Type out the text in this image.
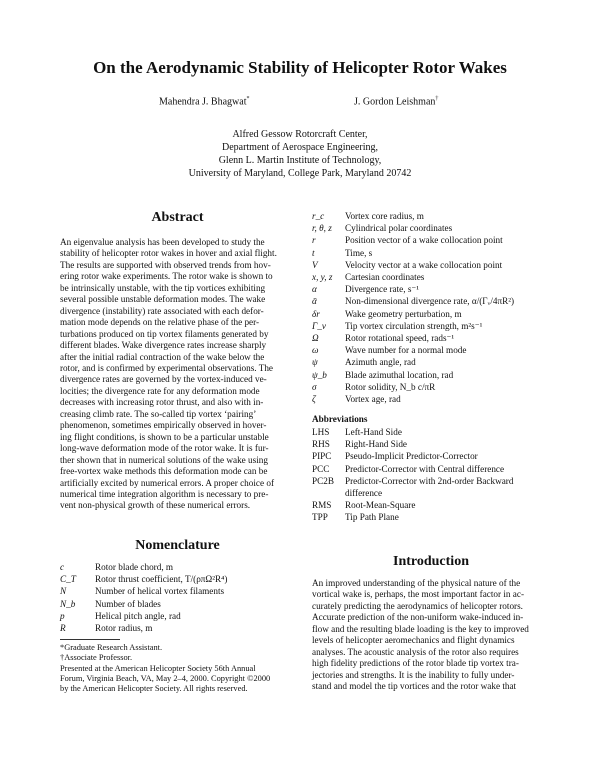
On the Aerodynamic Stability of Helicopter Rotor Wakes
Mahendra J. Bhagwat*	J. Gordon Leishman†
Alfred Gessow Rotorcraft Center,
Department of Aerospace Engineering,
Glenn L. Martin Institute of Technology,
University of Maryland, College Park, Maryland 20742
Abstract
An eigenvalue analysis has been developed to study the
stability of helicopter rotor wakes in hover and axial flight.
The results are supported with observed trends from hov-
ering rotor wake experiments. The rotor wake is shown to
be intrinsically unstable, with the tip vortices exhibiting
several possible unstable deformation modes. The wake
divergence (instability) rate associated with each defor-
mation mode depends on the relative phase of the per-
turbations produced on tip vortex filaments generated by
different blades. Wake divergence rates increase sharply
after the initial radial contraction of the wake below the
rotor, and is confirmed by experimental observations. The
divergence rates are governed by the vortex-induced ve-
locities; the divergence rate for any deformation mode
decreases with increasing rotor thrust, and also with in-
creasing climb rate. The so-called tip vortex ‘pairing’
phenomenon, sometimes empirically observed in hover-
ing flight conditions, is shown to be a particular unstable
long-wave deformation mode of the rotor wake. It is fur-
ther shown that in numerical solutions of the wake using
free-vortex wake methods this deformation mode can be
artificially excited by numerical errors. A proper choice of
numerical time integration algorithm is necessary to pre-
vent non-physical growth of these numerical errors.
Nomenclature
c	Rotor blade chord, m
C_T Rotor thrust coefficient, T/(ρπΩ²R⁴)
N	Number of helical vortex filaments
N_b Number of blades
p	Helical pitch angle, rad
R	Rotor radius, m
*Graduate Research Assistant.
†Associate Professor.
Presented at the American Helicopter Society 56th Annual
Forum, Virginia Beach, VA, May 2–4, 2000. Copyright ©2000
by the American Helicopter Society. All rights reserved.
r_c Vortex core radius, m
r, θ, z Cylindrical polar coordinates
r⃗ Position vector of a wake collocation point
t	Time, s
V⃗ Velocity vector at a wake collocation point
x, y, z Cartesian coordinates
α	Divergence rate, s⁻¹
ᾱ	Non-dimensional divergence rate, α/(Γᵥ/4πR²)
δr⃗ Wake geometry perturbation, m
Γ_v Tip vortex circulation strength, m²s⁻¹
Ω	Rotor rotational speed, rads⁻¹
ω	Wave number for a normal mode
ψ	Azimuth angle, rad
ψ_b Blade azimuthal location, rad
σ	Rotor solidity, N_b c/πR
ζ	Vortex age, rad
Abbreviations
LHS Left-Hand Side
RHS Right-Hand Side
PIPC Pseudo-Implicit Predictor-Corrector
PCC Predictor-Corrector with Central difference
PC2B Predictor-Corrector with 2nd-order Backward
difference
RMS Root-Mean-Square
TPP Tip Path Plane
Introduction
An improved understanding of the physical nature of the
vortical wake is, perhaps, the most important factor in ac-
curately predicting the aerodynamics of helicopter rotors.
Accurate prediction of the non-uniform wake-induced in-
flow and the resulting blade loading is the key to improved
levels of helicopter aeromechanics and flight dynamics
analyses. The acoustic analysis of the rotor also requires
high fidelity predictions of the rotor blade tip vortex tra-
jectories and strengths. It is the inability to fully under-
stand and model the tip vortices and the rotor wake that
